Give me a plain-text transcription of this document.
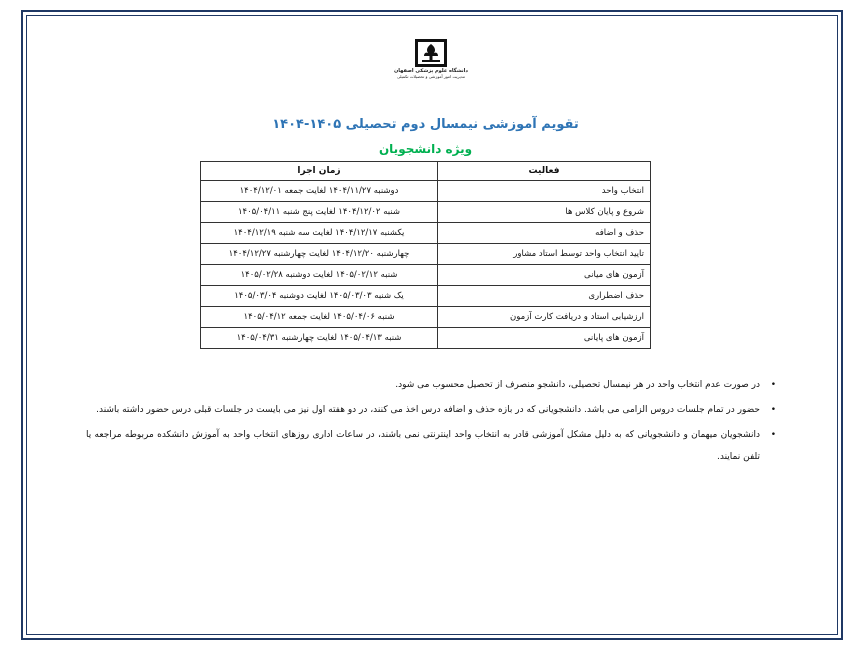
دانشگاه علوم پزشکی اصفهان
مدیریت امور آموزشی و تحصیلات تکمیلی
تقویم آموزشی نیمسال دوم تحصیلی ۱۴۰۵-۱۴۰۴
ویژه دانشجویان
فعالیت	زمان اجرا
انتخاب واحد	دوشنبه ۱۴۰۴/۱۱/۲۷ لغایت جمعه ۱۴۰۴/۱۲/۰۱
شروع و پایان کلاس ها	شنبه ۱۴۰۴/۱۲/۰۲ لغایت پنج شنبه ۱۴۰۵/۰۴/۱۱
حذف و اضافه	یکشنبه ۱۴۰۴/۱۲/۱۷ لغایت سه شنبه ۱۴۰۴/۱۲/۱۹
تایید انتخاب واحد توسط استاد مشاور	چهارشنبه ۱۴۰۴/۱۲/۲۰ لغایت چهارشنبه ۱۴۰۴/۱۲/۲۷
آزمون های میانی	شنبه ۱۴۰۵/۰۲/۱۲ لغایت دوشنبه ۱۴۰۵/۰۲/۲۸
حذف اضطراری	یک شنبه ۱۴۰۵/۰۳/۰۳ لغایت دوشنبه ۱۴۰۵/۰۳/۰۴
ارزشیابی استاد و دریافت کارت آزمون	شنبه ۱۴۰۵/۰۴/۰۶ لغایت جمعه ۱۴۰۵/۰۴/۱۲
آزمون های پایانی	شنبه ۱۴۰۵/۰۴/۱۳ لغایت چهارشنبه ۱۴۰۵/۰۴/۳۱
•
در صورت عدم انتخاب واحد در هر نیمسال تحصیلی، دانشجو منصرف از تحصیل محسوب می شود.
•
حضور در تمام جلسات دروس الزامی می باشد. دانشجویانی که در بازه حذف و اضافه درس اخذ می کنند، در دو هفته اول نیز می بایست در جلسات قبلی درس حضور داشته باشند.
•
دانشجویان میهمان و دانشجویانی که به دلیل مشکل آموزشی قادر به انتخاب واحد اینترنتی نمی باشند، در ساعات اداری روزهای انتخاب واحد به آموزش دانشکده مربوطه مراجعه یا تلفن نمایند.
